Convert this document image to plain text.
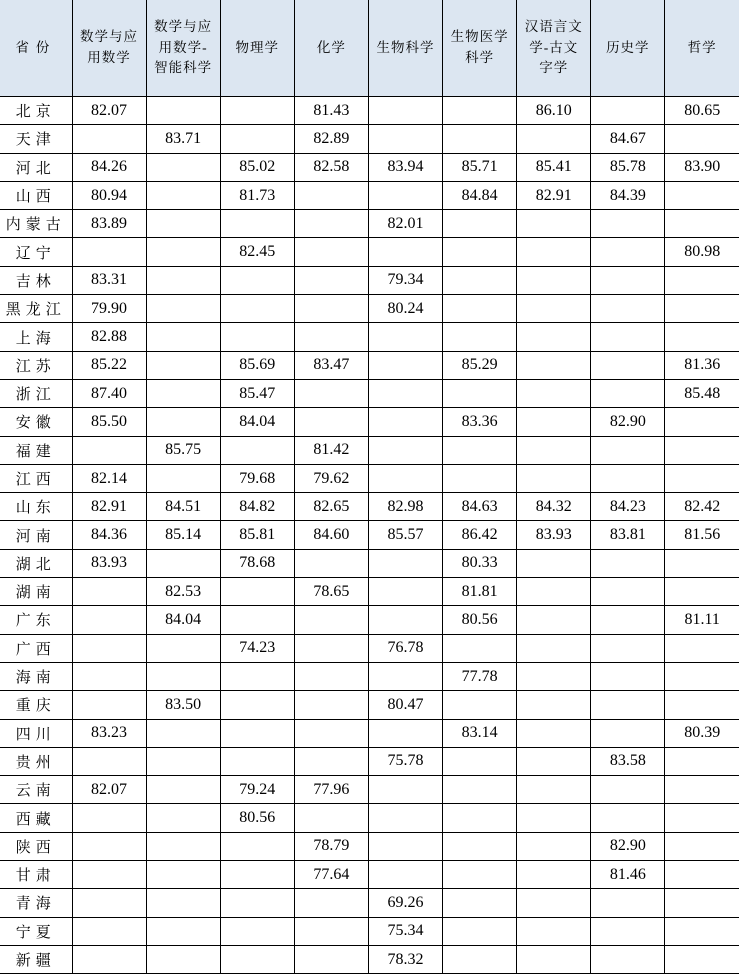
省份	数学与应用数学	数学与应用数学-智能科学	物理学	化学	生物科学	生物医学科学	汉语言文学-古文字学	历史学	哲学
北京	82.07			81.43			86.10		80.65
天津		83.71		82.89				84.67	
河北	84.26		85.02	82.58	83.94	85.71	85.41	85.78	83.90
山西	80.94		81.73			84.84	82.91	84.39	
内蒙古	83.89				82.01				
辽宁			82.45						80.98
吉林	83.31				79.34				
黑龙江	79.90				80.24				
上海	82.88								
江苏	85.22		85.69	83.47		85.29			81.36
浙江	87.40		85.47						85.48
安徽	85.50		84.04			83.36		82.90	
福建		85.75		81.42					
江西	82.14		79.68	79.62					
山东	82.91	84.51	84.82	82.65	82.98	84.63	84.32	84.23	82.42
河南	84.36	85.14	85.81	84.60	85.57	86.42	83.93	83.81	81.56
湖北	83.93		78.68			80.33			
湖南		82.53		78.65		81.81			
广东		84.04				80.56			81.11
广西			74.23		76.78				
海南						77.78			
重庆		83.50			80.47				
四川	83.23					83.14			80.39
贵州					75.78			83.58	
云南	82.07		79.24	77.96					
西藏			80.56						
陕西				78.79				82.90	
甘肃				77.64				81.46	
青海					69.26				
宁夏					75.34				
新疆					78.32				
